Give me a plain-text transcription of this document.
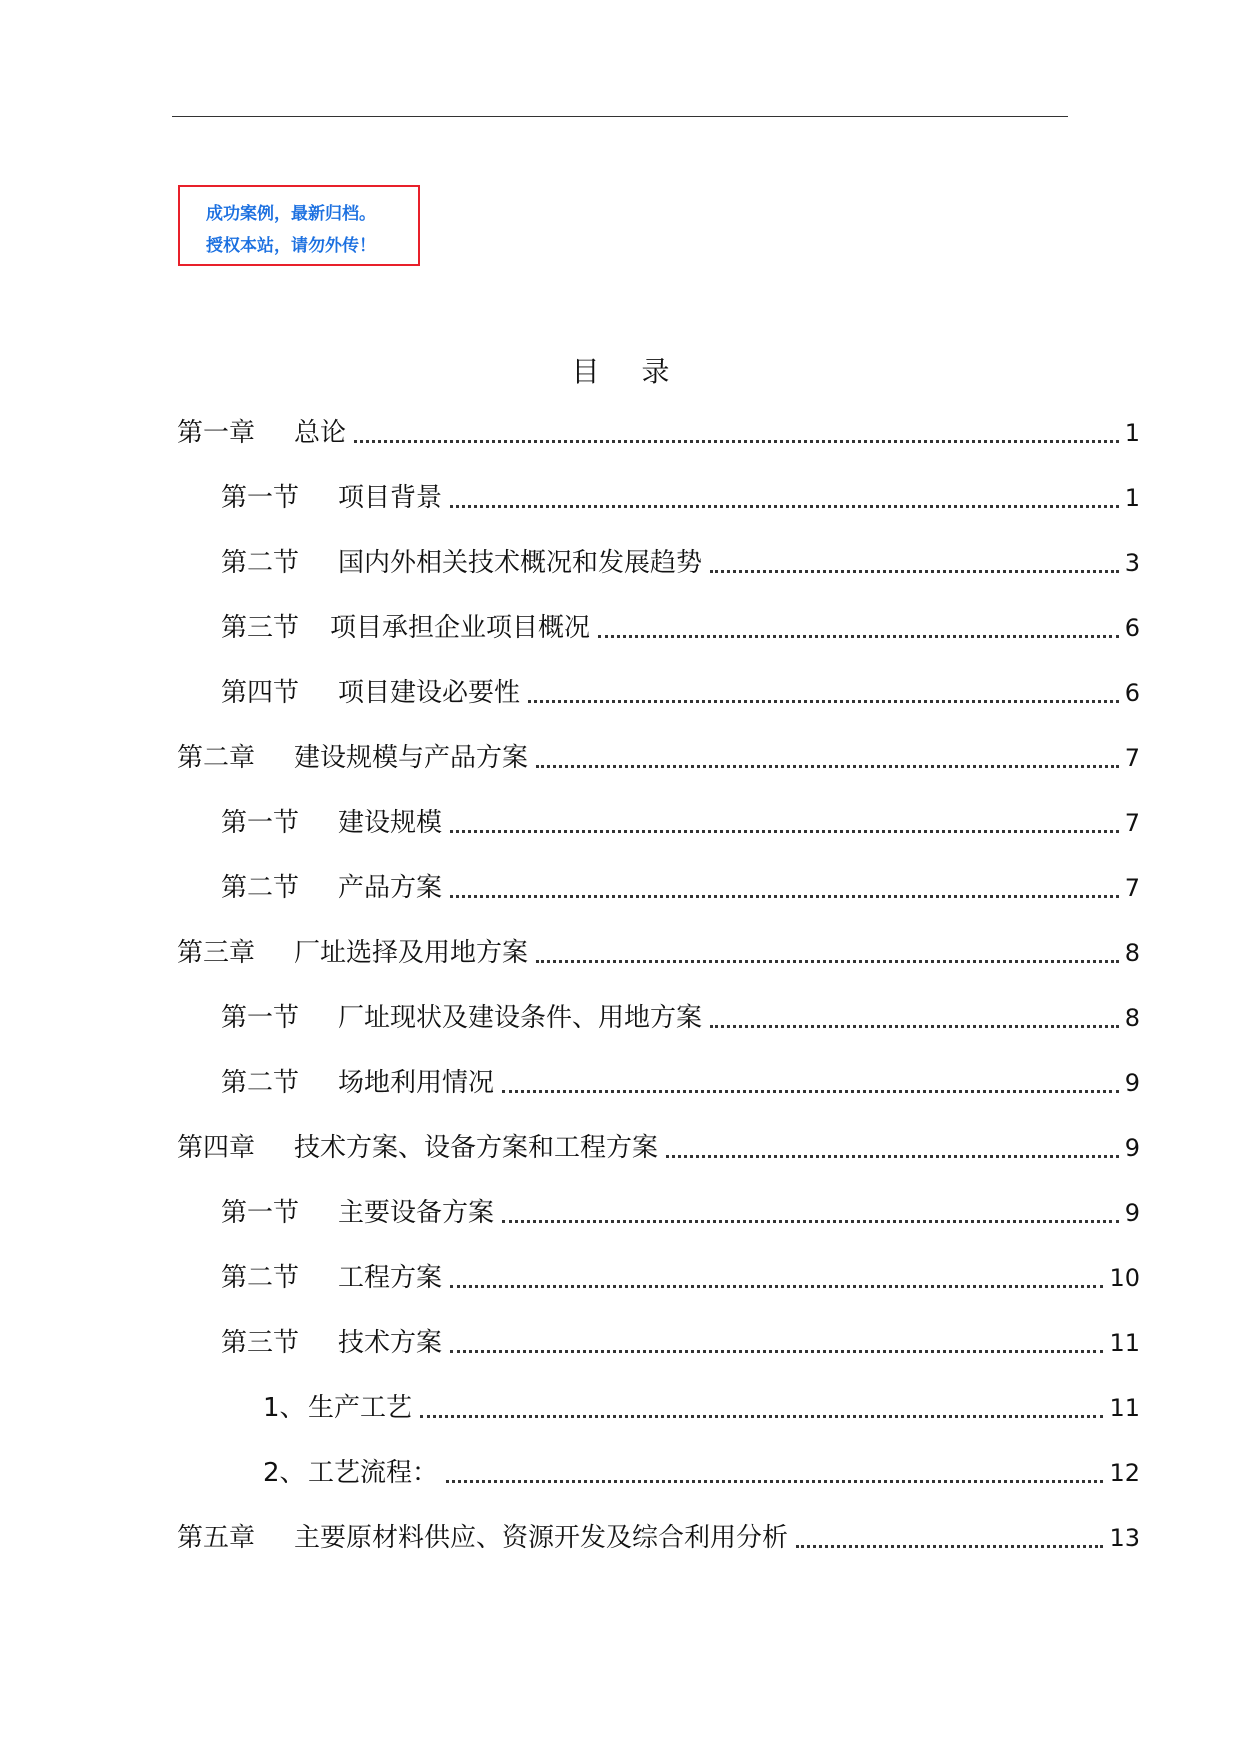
成功案例，最新归档。
授权本站，请勿外传！
目 录
第一章 总论	1
第一节 项目背景	1
第二节 国内外相关技术概况和发展趋势	3
第三节 项目承担企业项目概况	6
第四节 项目建设必要性	6
第二章 建设规模与产品方案	7
第一节 建设规模	7
第二节 产品方案	7
第三章 厂址选择及用地方案	8
第一节 厂址现状及建设条件、用地方案	8
第二节 场地利用情况	9
第四章 技术方案、设备方案和工程方案	9
第一节 主要设备方案	9
第二节 工程方案	10
第三节 技术方案	11
1、生产工艺	11
2、工艺流程：	12
第五章 主要原材料供应、资源开发及综合利用分析	13
